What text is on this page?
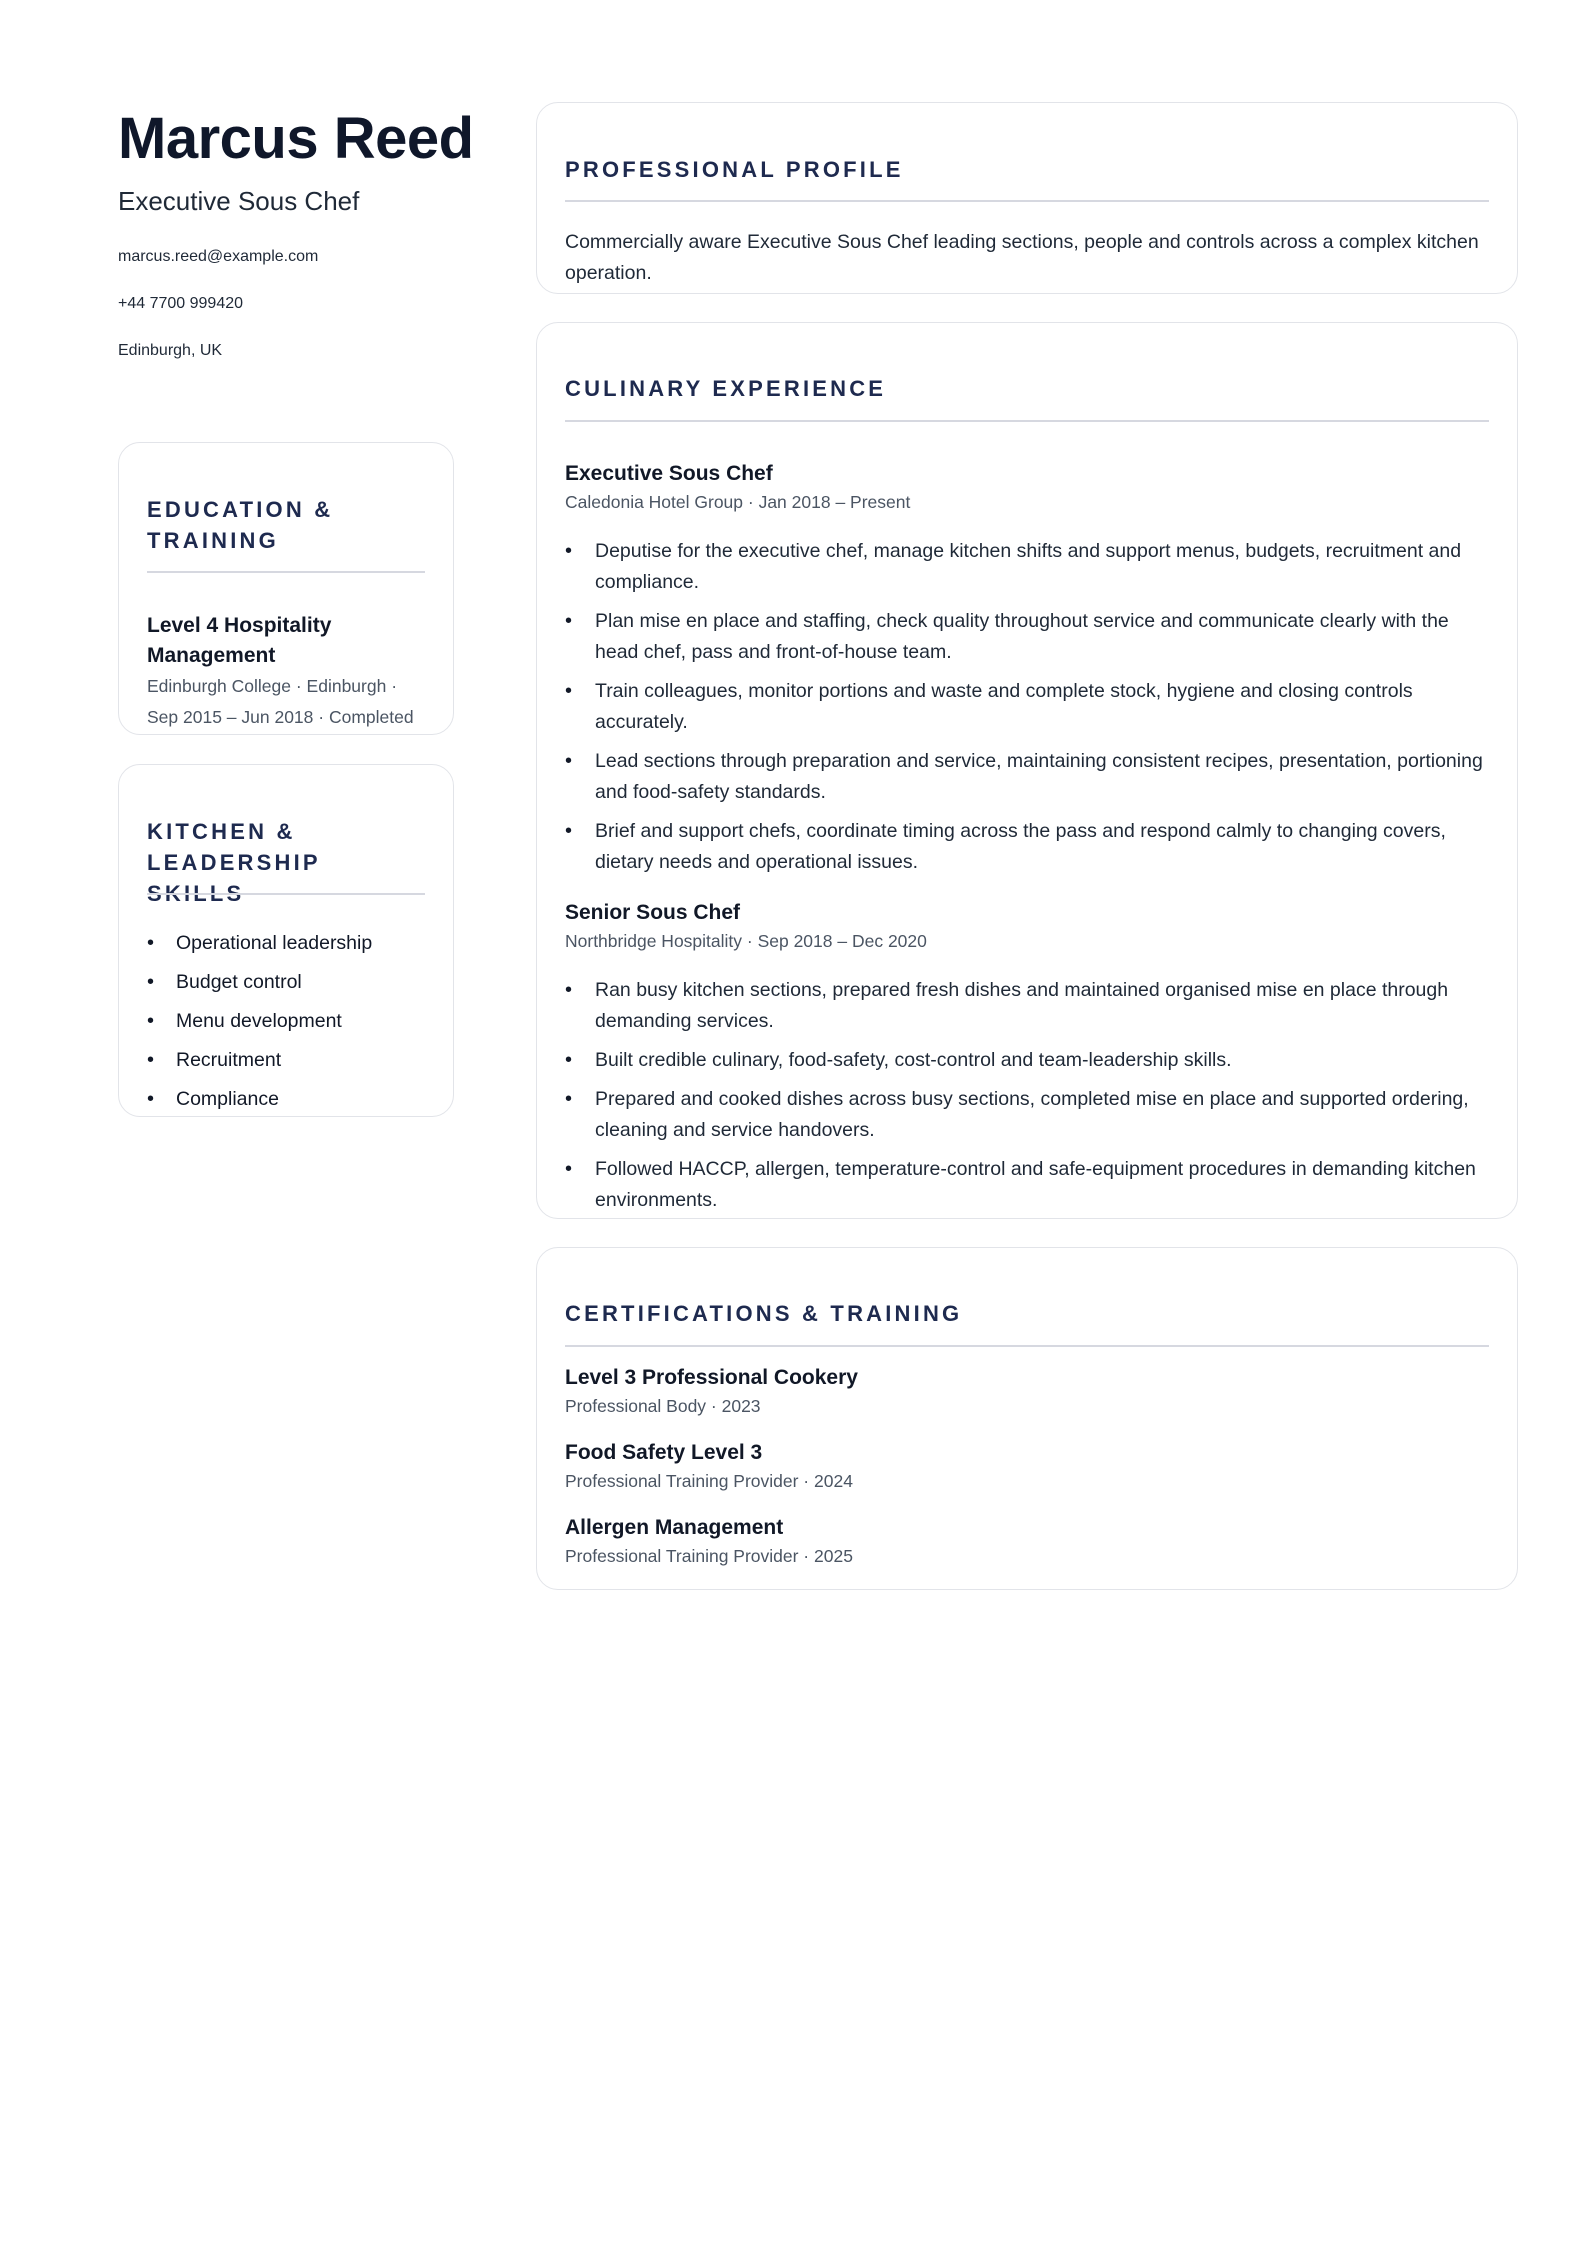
Marcus Reed
Executive Sous Chef
marcus.reed@example.com
+44 7700 999420
Edinburgh, UK
EDUCATION & TRAINING
Level 4 Hospitality Management
Edinburgh College · Edinburgh ·
Sep 2015 – Jun 2018 · Completed
KITCHEN & LEADERSHIP SKILLS
• Operational leadership
• Budget control
• Menu development
• Recruitment
• Compliance
PROFESSIONAL PROFILE

Commercially aware Executive Sous Chef leading sections, people and controls across a complex kitchen operation.

CULINARY EXPERIENCE
Executive Sous Chef
Caledonia Hotel Group · Jan 2018 – Present
• Deputise for the executive chef, manage kitchen shifts and support menus, budgets, recruitment and compliance.
• Plan mise en place and staffing, check quality throughout service and communicate clearly with the head chef, pass and front-of-house team.
• Train colleagues, monitor portions and waste and complete stock, hygiene and closing controls accurately.
• Lead sections through preparation and service, maintaining consistent recipes, presentation, portioning and food-safety standards.
• Brief and support chefs, coordinate timing across the pass and respond calmly to changing covers, dietary needs and operational issues.
Senior Sous Chef
Northbridge Hospitality · Sep 2018 – Dec 2020
• Ran busy kitchen sections, prepared fresh dishes and maintained organised mise en place through demanding services.
• Built credible culinary, food-safety, cost-control and team-leadership skills.
• Prepared and cooked dishes across busy sections, completed mise en place and supported ordering, cleaning and service handovers.
• Followed HACCP, allergen, temperature-control and safe-equipment procedures in demanding kitchen environments.
CERTIFICATIONS & TRAINING
Level 3 Professional Cookery
Professional Body · 2023
Food Safety Level 3
Professional Training Provider · 2024
Allergen Management
Professional Training Provider · 2025
